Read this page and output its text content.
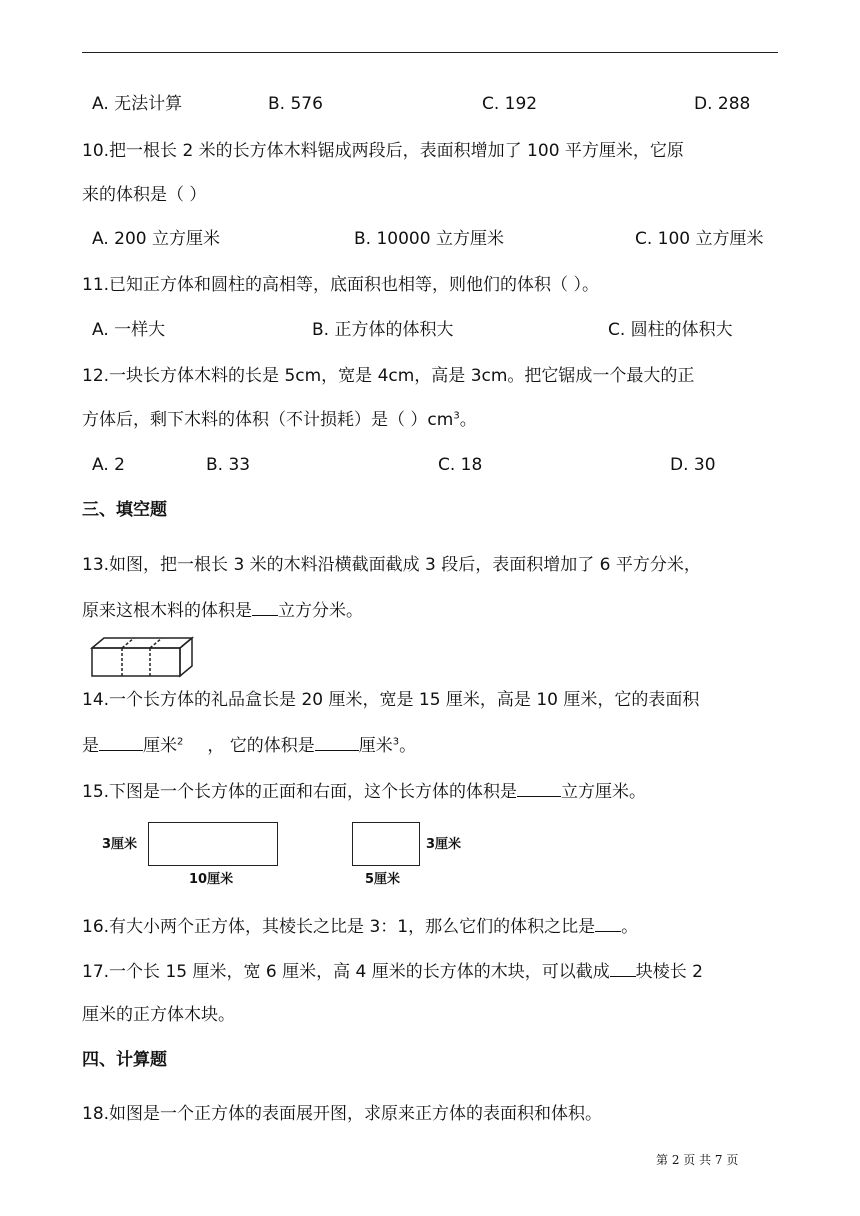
A. 无法计算	B. 576	C. 192	D. 288
10.把一根长 2 米的长方体木料锯成两段后，表面积增加了 100 平方厘米，它原
来的体积是（ ）
A. 200 立方厘米	B. 10000 立方厘米	C. 100 立方厘米
11.已知正方体和圆柱的高相等，底面积也相等，则他们的体积（ ）。
A. 一样大	B. 正方体的体积大	C. 圆柱的体积大
12.一块长方体木料的长是 5cm，宽是 4cm，高是 3cm。把它锯成一个最大的正
方体后，剩下木料的体积（不计损耗）是（ ）$cm^3$。
A. 2	B. 33	C. 18	D. 30
三、填空题
13.如图，把一根长 3 米的木料沿横截面截成 3 段后，表面积增加了 6 平方分米，
原来这根木料的体积是 立方分米。
14.一个长方体的礼品盒长是 20 厘米，宽是 15 厘米，高是 10 厘米，它的表面积
是	厘米$^2$ ， 它的体积是	厘米$^3$。
15.下图是一个长方体的正面和右面，这个长方体的体积是	立方厘米。
3厘米
10厘米
3厘米
5厘米
16.有大小两个正方体，其棱长之比是 3：1，那么它们的体积之比是 。
17.一个长 15 厘米，宽 6 厘米，高 4 厘米的长方体的木块，可以截成 块棱长 2
厘米的正方体木块。
四、计算题
18.如图是一个正方体的表面展开图，求原来正方体的表面积和体积。
第 2 页 共 7 页
